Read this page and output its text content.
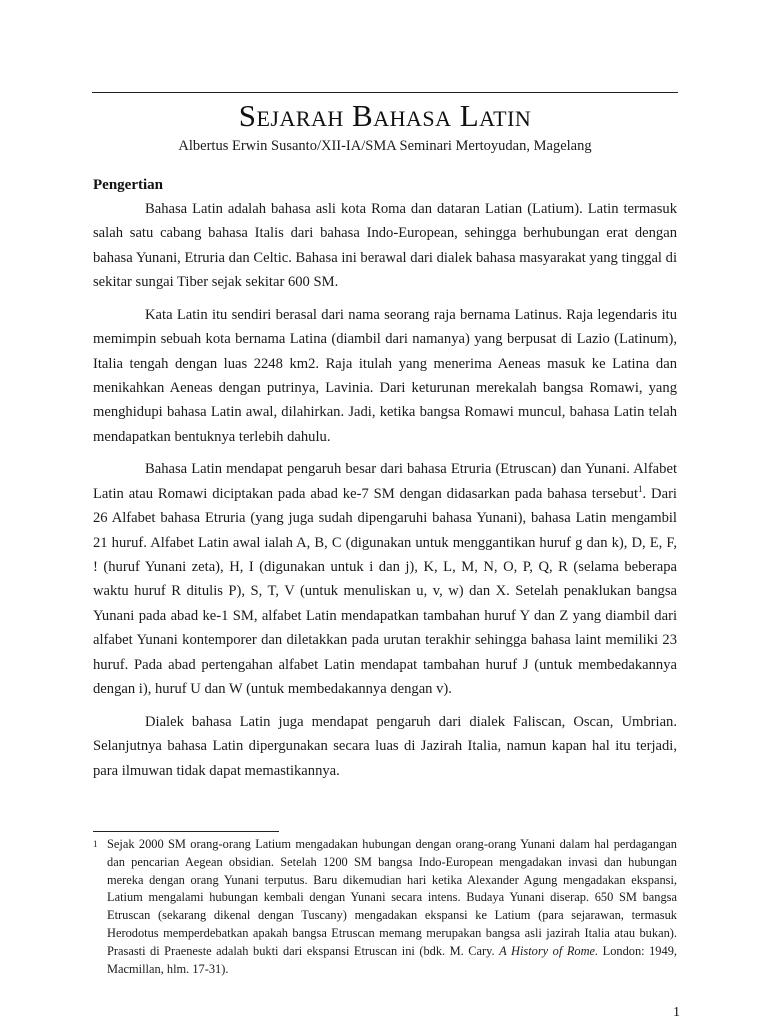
Sejarah Bahasa Latin
Albertus Erwin Susanto/XII-IA/SMA Seminari Mertoyudan, Magelang
Pengertian

Bahasa Latin adalah bahasa asli kota Roma dan dataran Latian (Latium). Latin termasuk salah satu cabang bahasa Italis dari bahasa Indo-European, sehingga berhubungan erat dengan bahasa Yunani, Etruria dan Celtic. Bahasa ini berawal dari dialek bahasa masyarakat yang tinggal di sekitar sungai Tiber sejak sekitar 600 SM.

Kata Latin itu sendiri berasal dari nama seorang raja bernama Latinus. Raja legendaris itu memimpin sebuah kota bernama Latina (diambil dari namanya) yang berpusat di Lazio (Latinum), Italia tengah dengan luas 2248 km2. Raja itulah yang menerima Aeneas masuk ke Latina dan menikahkan Aeneas dengan putrinya, Lavinia. Dari keturunan merekalah bangsa Romawi, yang menghidupi bahasa Latin awal, dilahirkan. Jadi, ketika bangsa Romawi muncul, bahasa Latin telah mendapatkan bentuknya terlebih dahulu.

Bahasa Latin mendapat pengaruh besar dari bahasa Etruria (Etruscan) dan Yunani. Alfabet Latin atau Romawi diciptakan pada abad ke-7 SM dengan didasarkan pada bahasa tersebut$^1$. Dari 26 Alfabet bahasa Etruria (yang juga sudah dipengaruhi bahasa Yunani), bahasa Latin mengambil 21 huruf. Alfabet Latin awal ialah A, B, C (digunakan untuk menggantikan huruf g dan k), D, E, F, ! (huruf Yunani zeta), H, I (digunakan untuk i dan j), K, L, M, N, O, P, Q, R (selama beberapa waktu huruf R ditulis P), S, T, V (untuk menuliskan u, v, w) dan X. Setelah penaklukan bangsa Yunani pada abad ke-1 SM, alfabet Latin mendapatkan tambahan huruf Y dan Z yang diambil dari alfabet Yunani kontemporer dan diletakkan pada urutan terakhir sehingga bahasa laint memiliki 23 huruf. Pada abad pertengahan alfabet Latin mendapat tambahan huruf J (untuk membedakannya dengan i), huruf U dan W (untuk membedakannya dengan v).

Dialek bahasa Latin juga mendapat pengaruh dari dialek Faliscan, Oscan, Umbrian. Selanjutnya bahasa Latin dipergunakan secara luas di Jazirah Italia, namun kapan hal itu terjadi, para ilmuwan tidak dapat memastikannya.

1 Sejak 2000 SM orang-orang Latium mengadakan hubungan dengan orang-orang Yunani dalam hal perdagangan dan pencarian Aegean obsidian. Setelah 1200 SM bangsa Indo-European mengadakan invasi dan hubungan mereka dengan orang Yunani terputus. Baru dikemudian hari ketika Alexander Agung mengadakan ekspansi, Latium mengalami hubungan kembali dengan Yunani secara intens. Budaya Yunani diserap. 650 SM bangsa Etruscan (sekarang dikenal dengan Tuscany) mengadakan ekspansi ke Latium (para sejarawan, termasuk Herodotus memperdebatkan apakah bangsa Etruscan memang merupakan bangsa asli jazirah Italia atau bukan). Prasasti di Praeneste adalah bukti dari ekspansi Etruscan ini (bdk. M. Cary. A History of Rome. London: 1949, Macmillan, hlm. 17-31).
1
